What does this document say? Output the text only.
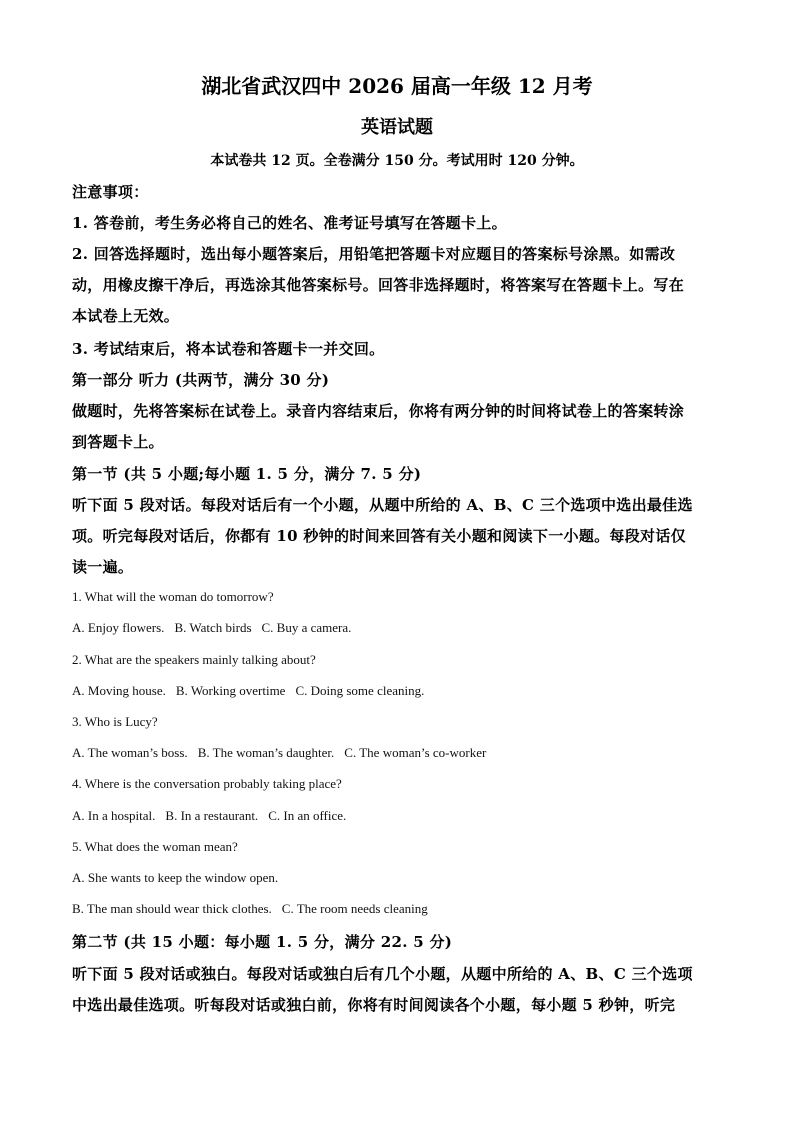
湖北省武汉四中 2026 届高一年级 12 月考
英语试题
本试卷共 12 页。全卷满分 150 分。考试用时 120 分钟。
注意事项：
1. 答卷前，考生务必将自己的姓名、准考证号填写在答题卡上。
2. 回答选择题时，选出每小题答案后，用铅笔把答题卡对应题目的答案标号涂黑。如需改
动，用橡皮擦干净后，再选涂其他答案标号。回答非选择题时，将答案写在答题卡上。写在
本试卷上无效。
3. 考试结束后，将本试卷和答题卡一并交回。
第一部分 听力 (共两节，满分 30 分)
做题时，先将答案标在试卷上。录音内容结束后，你将有两分钟的时间将试卷上的答案转涂
到答题卡上。
第一节 (共 5 小题;每小题 1. 5 分，满分 7. 5 分)
听下面 5 段对话。每段对话后有一个小题，从题中所给的 A、B、C 三个选项中选出最佳选
项。听完每段对话后，你都有 10 秒钟的时间来回答有关小题和阅读下一小题。每段对话仅
读一遍。
1. What will the woman do tomorrow?
A. Enjoy flowers. B. Watch birds C. Buy a camera.
2. What are the speakers mainly talking about?
A. Moving house. B. Working overtime C. Doing some cleaning.
3. Who is Lucy?
A. The woman’s boss. B. The woman’s daughter. C. The woman’s co-worker
4. Where is the conversation probably taking place?
A. In a hospital. B. In a restaurant. C. In an office.
5. What does the woman mean?
A. She wants to keep the window open.
B. The man should wear thick clothes. C. The room needs cleaning
第二节 (共 15 小题：每小题 1. 5 分，满分 22. 5 分)
听下面 5 段对话或独白。每段对话或独白后有几个小题，从题中所给的 A、B、C 三个选项
中选出最佳选项。听每段对话或独白前，你将有时间阅读各个小题，每小题 5 秒钟，听完
